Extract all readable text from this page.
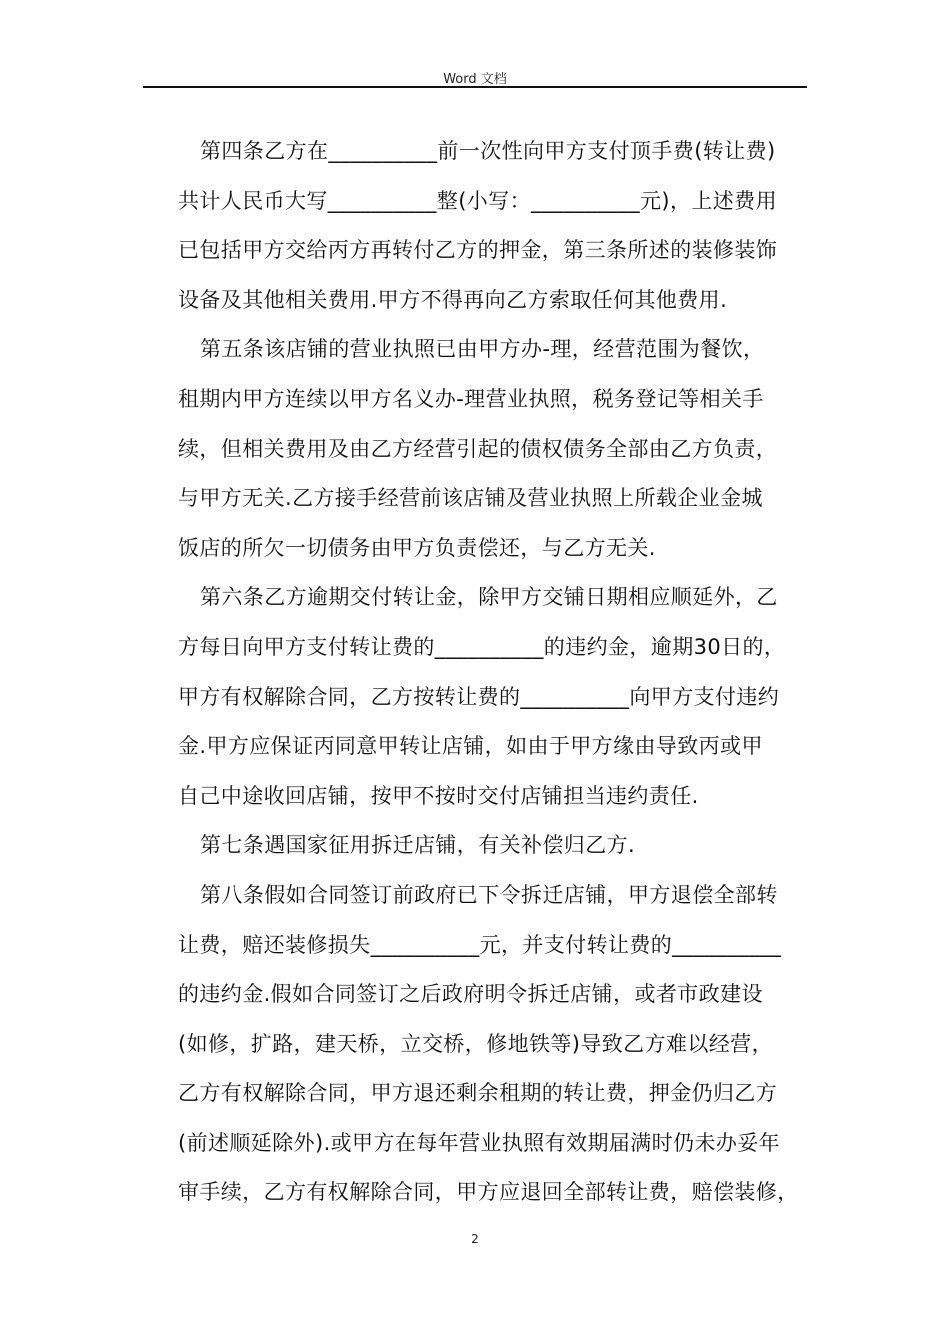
Word 文档
第四条乙方在__________前一次性向甲方支付顶手费(转让费)
共计人民币大写__________整(小写：__________元)，上述费用
已包括甲方交给丙方再转付乙方的押金，第三条所述的装修装饰
设备及其他相关费用.甲方不得再向乙方索取任何其他费用.
第五条该店铺的营业执照已由甲方办-理，经营范围为餐饮，
租期内甲方连续以甲方名义办-理营业执照，税务登记等相关手
续，但相关费用及由乙方经营引起的债权债务全部由乙方负责，
与甲方无关.乙方接手经营前该店铺及营业执照上所载企业金城
饭店的所欠一切债务由甲方负责偿还，与乙方无关.
第六条乙方逾期交付转让金，除甲方交铺日期相应顺延外，乙
方每日向甲方支付转让费的__________的违约金，逾期30日的，
甲方有权解除合同，乙方按转让费的__________向甲方支付违约
金.甲方应保证丙同意甲转让店铺，如由于甲方缘由导致丙或甲
自己中途收回店铺，按甲不按时交付店铺担当违约责任.
第七条遇国家征用拆迁店铺，有关补偿归乙方.
第八条假如合同签订前政府已下令拆迁店铺，甲方退偿全部转
让费，赔还装修损失__________元，并支付转让费的__________
的违约金.假如合同签订之后政府明令拆迁店铺，或者市政建设
(如修，扩路，建天桥，立交桥，修地铁等)导致乙方难以经营，
乙方有权解除合同，甲方退还剩余租期的转让费，押金仍归乙方
(前述顺延除外).或甲方在每年营业执照有效期届满时仍未办妥年
审手续，乙方有权解除合同，甲方应退回全部转让费，赔偿装修，
2
